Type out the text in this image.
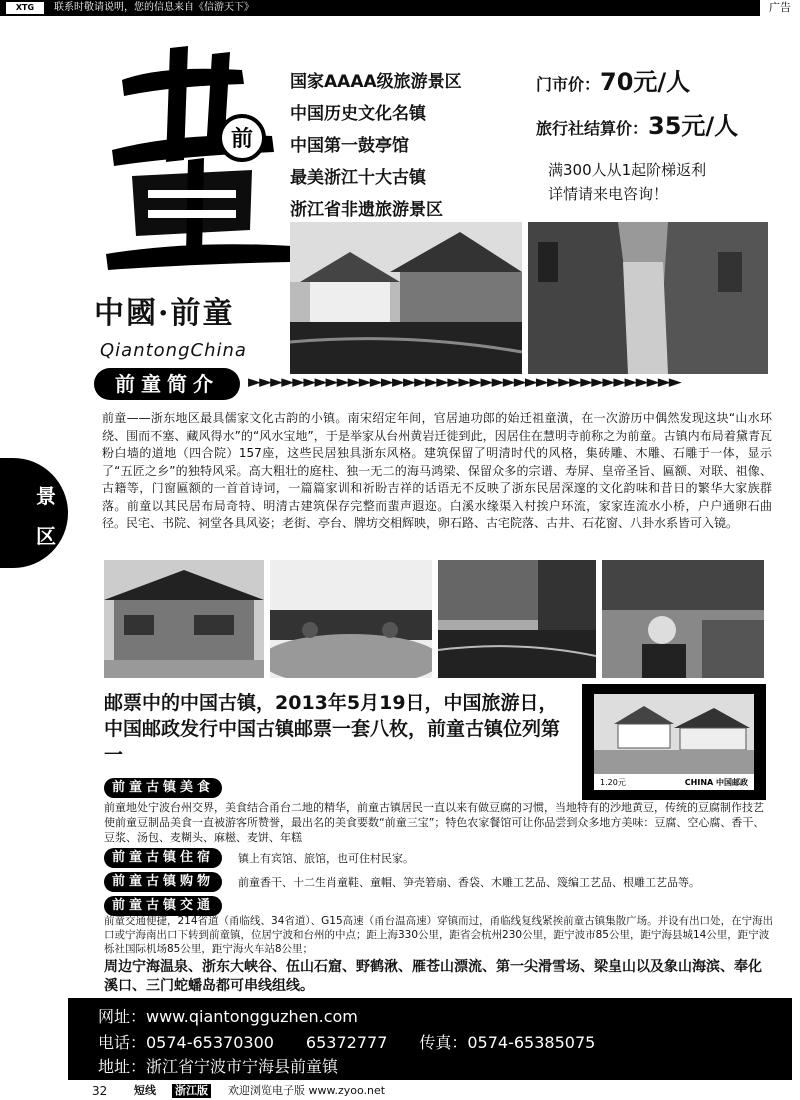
XTG	联系时敬请说明，您的信息来自《信游天下》	广告
景
区
前
中國·前童
QiantongChina
国家AAAA级旅游景区
中国历史文化名镇
中国第一鼓亭馆
最美浙江十大古镇
浙江省非遗旅游景区
门市价：70元/人
旅行社结算价：35元/人
满300人从1起阶梯返利
详情请来电咨询！
前童简介	►►►►►►►►►►►►►►►►►►►►►►►►►►►►►►►►►►►►►►►
前童——浙东地区最具儒家文化古韵的小镇。南宋绍定年间，官居迪功郎的始迁祖童潢，在一次游历中偶然发现这块“山水环绕、围而不塞、藏风得水”的“风水宝地”，于是举家从台州黄岩迁徙到此，因居住在慧明寺前称之为前童。古镇内布局着黛青瓦粉白墙的道地（四合院）157座，这些民居独具浙东风格。建筑保留了明清时代的风格，集砖雕、木雕、石雕于一体，显示了“五匠之乡”的独特风采。高大粗壮的庭柱、独一无二的海马鸿梁、保留众多的宗谱、寿屏、皇帝圣旨、匾额、对联、祖像、古籍等，门窗匾额的一首首诗词，一篇篇家训和祈盼吉祥的话语无不反映了浙东民居深邃的文化韵味和昔日的繁华大家族群落。前童以其民居布局奇特、明清古建筑保存完整而蜚声遐迩。白溪水缘渠入村挨户环流，家家连流水小桥，户户通卵石曲径。民宅、书院、祠堂各具风姿；老街、亭台、牌坊交相辉映，卵石路、古宅院落、古井、石花窗、八卦水系皆可入镜。
邮票中的中国古镇，2013年5月19日，中国旅游日，中国邮政发行中国古镇邮票一套八枚，前童古镇位列第一
1.20元	CHINA 中国邮政
前童古镇美食
前童地处宁波台州交界，美食结合甬台二地的精华，前童古镇居民一直以来有做豆腐的习惯，当地特有的沙地黄豆，传统的豆腐制作技艺使前童豆制品美食一直被游客所赞誉，最出名的美食要数“前童三宝”；特色农家餐馆可让你品尝到众多地方美味：豆腐、空心腐、香干、豆浆、汤包、麦糊头、麻糍、麦饼、年糕
前童古镇住宿	镇上有宾馆、旅馆，也可住村民家。
前童古镇购物	前童香干、十二生肖童鞋、童帽、笋壳箬扇、香袋、木雕工艺品、篾编工艺品、根雕工艺品等。
前童古镇交通
前童交通便捷，214省道（甬临线、34省道）、G15高速（甬台温高速）穿镇而过，甬临线复线紧挨前童古镇集散广场。并设有出口处，在宁海出口或宁海南出口下转到前童镇，位居宁波和台州的中点；距上海330公里，距省会杭州230公里，距宁波市85公里，距宁海县城14公里，距宁波栎社国际机场85公里，距宁海火车站8公里；
周边宁海温泉、浙东大峡谷、伍山石窟、野鹤湫、雁苍山漂流、第一尖滑雪场、梁皇山以及象山海滨、奉化溪口、三门蛇蟠岛都可串线组线。
网址：www.qiantongguzhen.com
电话：0574-65370300　　65372777　　传真：0574-65385075
地址：浙江省宁波市宁海县前童镇
32 短线 浙江版 欢迎浏览电子版 www.zyoo.net
